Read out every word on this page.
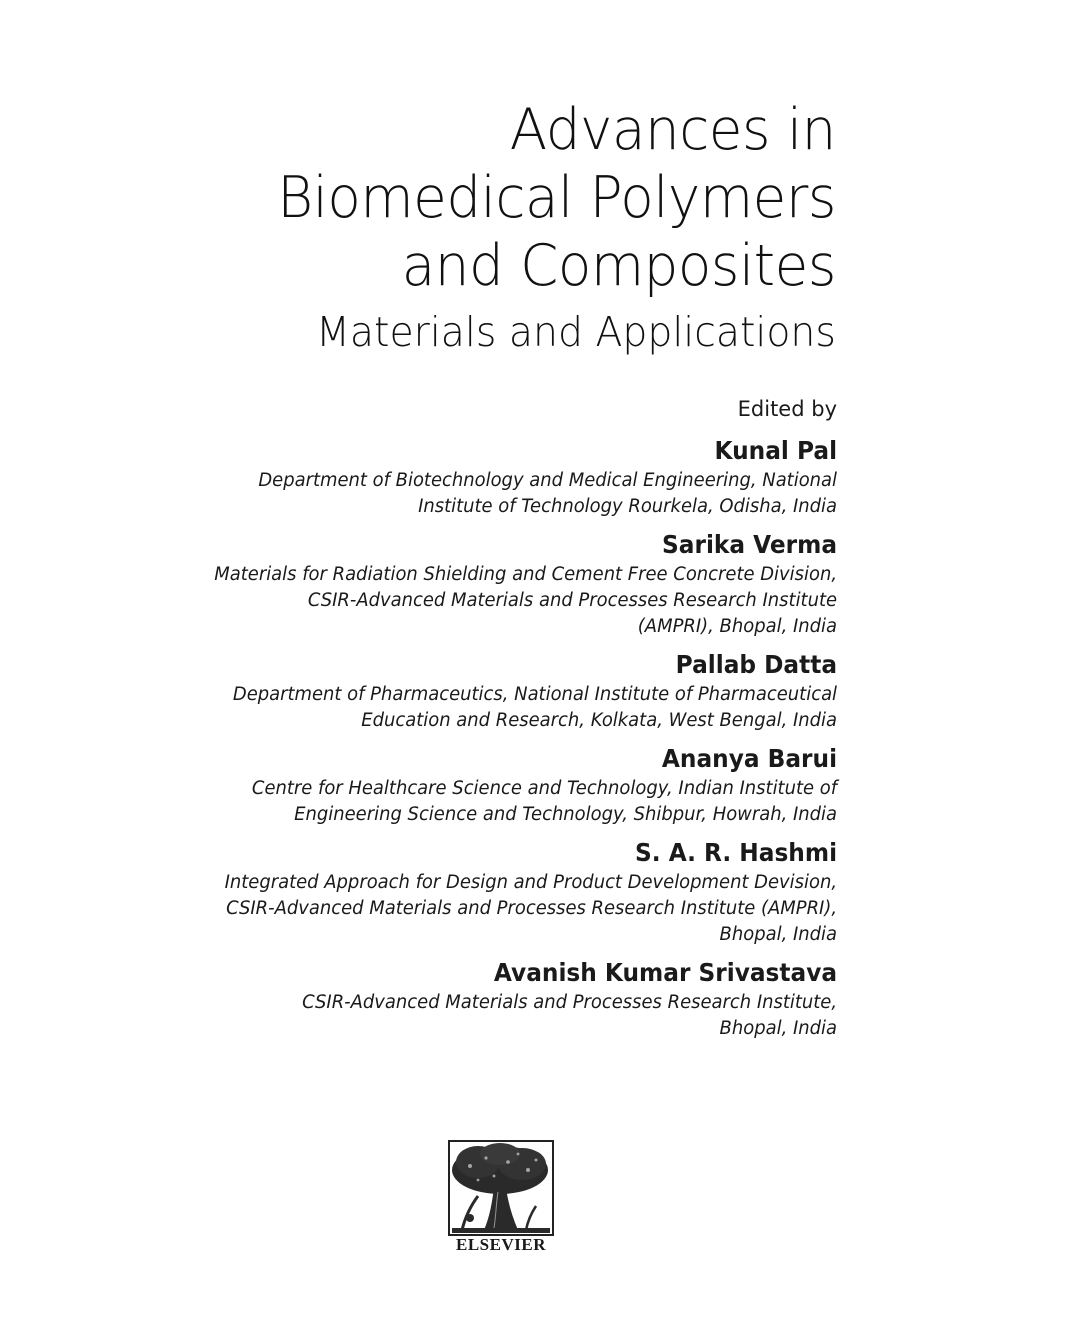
Advances in
Biomedical Polymers
and Composites
Materials and Applications
Edited by
Kunal Pal
Department of Biotechnology and Medical Engineering, National
Institute of Technology Rourkela, Odisha, India
Sarika Verma
Materials for Radiation Shielding and Cement Free Concrete Division,
CSIR-Advanced Materials and Processes Research Institute
(AMPRI), Bhopal, India
Pallab Datta
Department of Pharmaceutics, National Institute of Pharmaceutical
Education and Research, Kolkata, West Bengal, India
Ananya Barui
Centre for Healthcare Science and Technology, Indian Institute of
Engineering Science and Technology, Shibpur, Howrah, India
S. A. R. Hashmi
Integrated Approach for Design and Product Development Devision,
CSIR-Advanced Materials and Processes Research Institute (AMPRI),
Bhopal, India
Avanish Kumar Srivastava
CSIR-Advanced Materials and Processes Research Institute,
Bhopal, India
ELSEVIER
